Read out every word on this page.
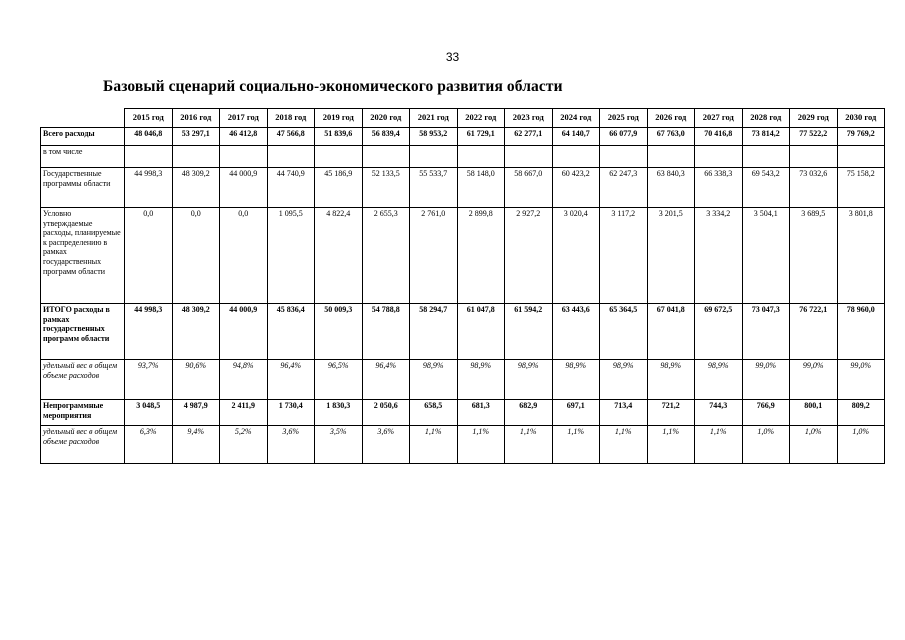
33
Базовый сценарий социально-экономического развития области
	2015 год	2016 год	2017 год	2018 год	2019 год	2020 год	2021 год	2022 год	2023 год	2024 год	2025 год	2026 год	2027 год	2028 год	2029 год	2030 год
Всего расходы	48 046,8	53 297,1	46 412,8	47 566,8	51 839,6	56 839,4	58 953,2	61 729,1	62 277,1	64 140,7	66 077,9	67 763,0	70 416,8	73 814,2	77 522,2	79 769,2
в том числе																
Государственные программы области	44 998,3	48 309,2	44 000,9	44 740,9	45 186,9	52 133,5	55 533,7	58 148,0	58 667,0	60 423,2	62 247,3	63 840,3	66 338,3	69 543,2	73 032,6	75 158,2
Условно утверждаемые расходы, планируемые к распределению в рамках государственных программ области	0,0	0,0	0,0	1 095,5	4 822,4	2 655,3	2 761,0	2 899,8	2 927,2	3 020,4	3 117,2	3 201,5	3 334,2	3 504,1	3 689,5	3 801,8
ИТОГО расходы в рамках государственных программ области	44 998,3	48 309,2	44 000,9	45 836,4	50 009,3	54 788,8	58 294,7	61 047,8	61 594,2	63 443,6	65 364,5	67 041,8	69 672,5	73 047,3	76 722,1	78 960,0
удельный вес в общем объеме расходов	93,7%	90,6%	94,8%	96,4%	96,5%	96,4%	98,9%	98,9%	98,9%	98,9%	98,9%	98,9%	98,9%	99,0%	99,0%	99,0%
Непрограммные мероприятия	3 048,5	4 987,9	2 411,9	1 730,4	1 830,3	2 050,6	658,5	681,3	682,9	697,1	713,4	721,2	744,3	766,9	800,1	809,2
удельный вес в общем объеме расходов	6,3%	9,4%	5,2%	3,6%	3,5%	3,6%	1,1%	1,1%	1,1%	1,1%	1,1%	1,1%	1,1%	1,0%	1,0%	1,0%
